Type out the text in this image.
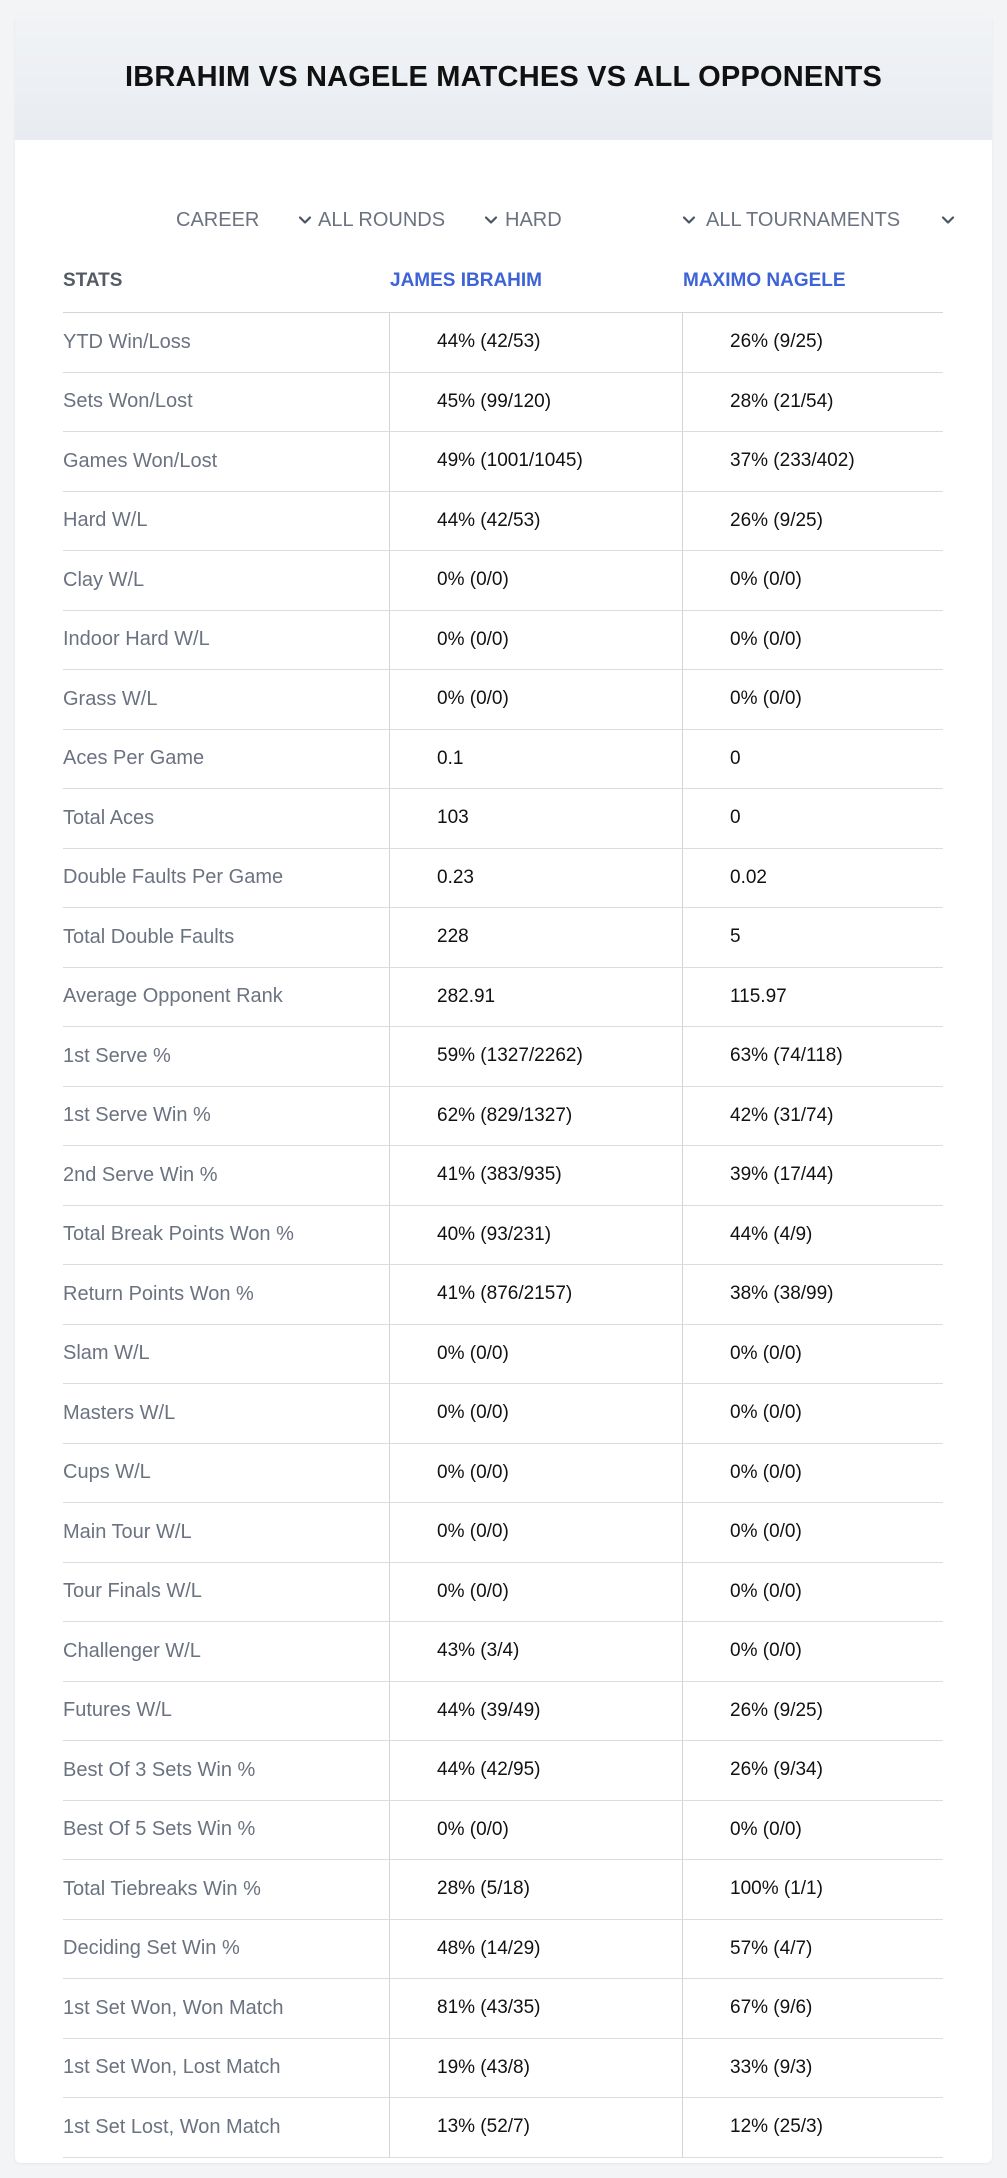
IBRAHIM VS NAGELE MATCHES VS ALL OPPONENTS
CAREER	ALL ROUNDS	HARD	ALL TOURNAMENTS
STATS	JAMES IBRAHIM	MAXIMO NAGELE
YTD Win/Loss	44% (42/53)	26% (9/25)
Sets Won/Lost	45% (99/120)	28% (21/54)
Games Won/Lost	49% (1001/1045)	37% (233/402)
Hard W/L	44% (42/53)	26% (9/25)
Clay W/L	0% (0/0)	0% (0/0)
Indoor Hard W/L	0% (0/0)	0% (0/0)
Grass W/L	0% (0/0)	0% (0/0)
Aces Per Game	0.1	0
Total Aces	103	0
Double Faults Per Game	0.23	0.02
Total Double Faults	228	5
Average Opponent Rank	282.91	115.97
1st Serve %	59% (1327/2262)	63% (74/118)
1st Serve Win %	62% (829/1327)	42% (31/74)
2nd Serve Win %	41% (383/935)	39% (17/44)
Total Break Points Won %	40% (93/231)	44% (4/9)
Return Points Won %	41% (876/2157)	38% (38/99)
Slam W/L	0% (0/0)	0% (0/0)
Masters W/L	0% (0/0)	0% (0/0)
Cups W/L	0% (0/0)	0% (0/0)
Main Tour W/L	0% (0/0)	0% (0/0)
Tour Finals W/L	0% (0/0)	0% (0/0)
Challenger W/L	43% (3/4)	0% (0/0)
Futures W/L	44% (39/49)	26% (9/25)
Best Of 3 Sets Win %	44% (42/95)	26% (9/34)
Best Of 5 Sets Win %	0% (0/0)	0% (0/0)
Total Tiebreaks Win %	28% (5/18)	100% (1/1)
Deciding Set Win %	48% (14/29)	57% (4/7)
1st Set Won, Won Match	81% (43/35)	67% (9/6)
1st Set Won, Lost Match	19% (43/8)	33% (9/3)
1st Set Lost, Won Match	13% (52/7)	12% (25/3)
